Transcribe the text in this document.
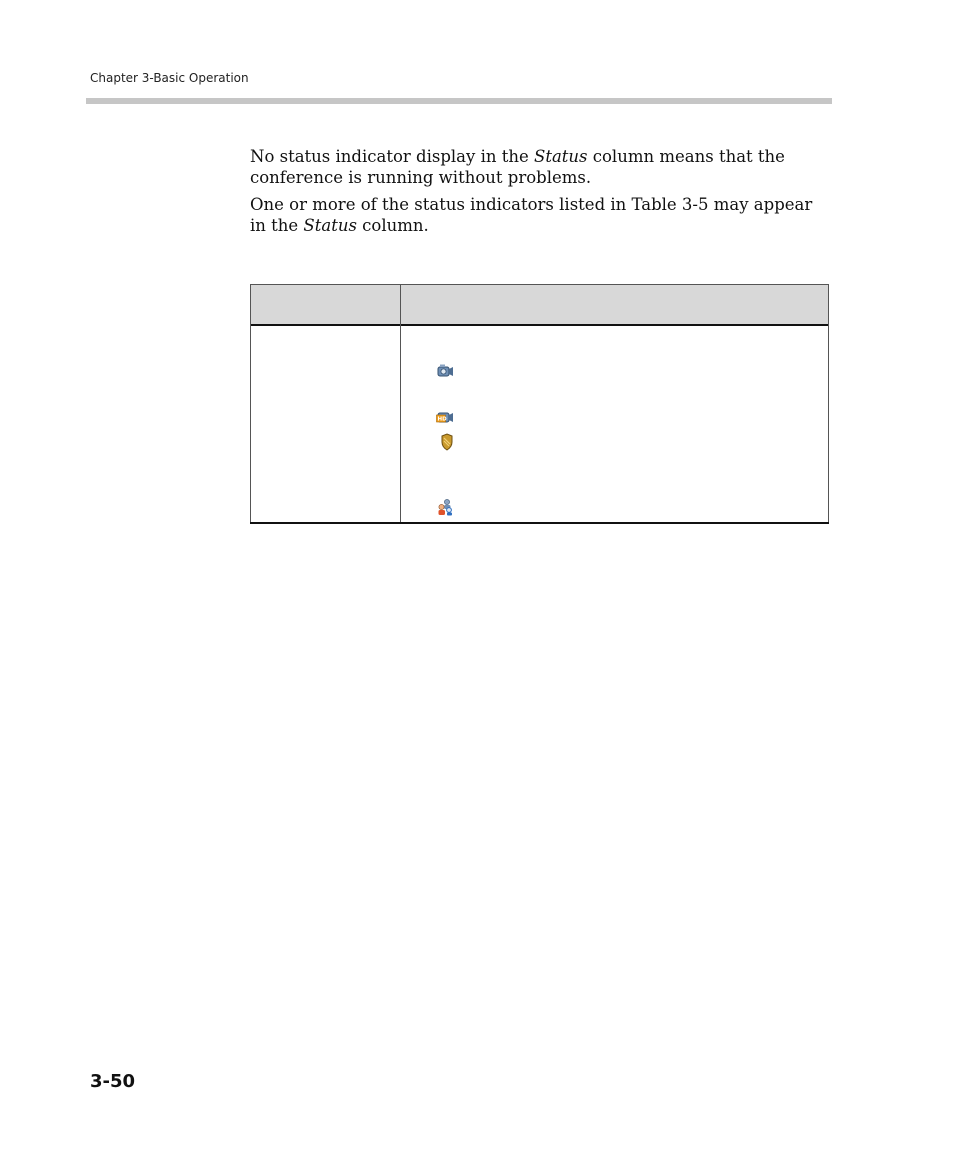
Chapter 3-Basic Operation
No status indicator display in the Status column means that the conference is running without problems.
One or more of the status indicators listed in Table 3-5 may appear in the Status column.
HD
3-50
